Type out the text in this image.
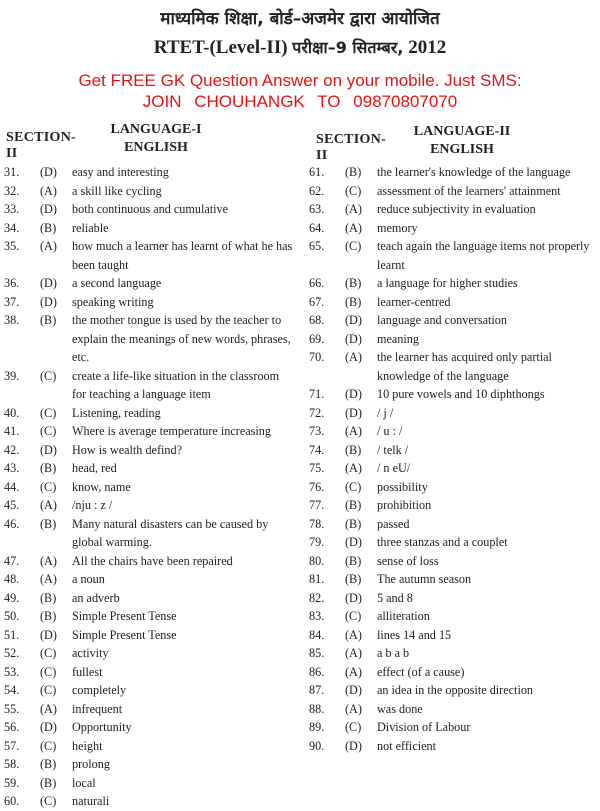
माध्यमिक शिक्षा, बोर्ड–अजमेर द्वारा आयोजित
RTET-(Level-II) परीक्षा–9 सितम्बर, 2012
Get FREE GK Question Answer on your mobile. Just SMS:
JOIN CHOUHANGK TO 09870807070
SECTION-II
LANGUAGE-I
ENGLISH
SECTION-II
LANGUAGE-II
ENGLISH
31.	(D)	easy and interesting
32.	(A)	a skill like cycling
33.	(D)	both continuous and cumulative
34.	(B)	reliable
35.	(A)	how much a learner has learnt of what he has been taught
36.	(D)	a second language
37.	(D)	speaking writing
38.	(B)	the mother tongue is used by the teacher to explain the meanings of new words, phrases, etc.
39.	(C)	create a life-like situation in the classroom for teaching a language item
40.	(C)	Listening, reading
41.	(C)	Where is average temperature increasing
42.	(D)	How is wealth defind?
43.	(B)	head, red
44.	(C)	know, name
45.	(A)	/nju : z /
46.	(B)	Many natural disasters can be caused by global warming.
47.	(A)	All the chairs have been repaired
48.	(A)	a noun
49.	(B)	an adverb
50.	(B)	Simple Present Tense
51.	(D)	Simple Present Tense
52.	(C)	activity
53.	(C)	fullest
54.	(C)	completely
55.	(A)	infrequent
56.	(D)	Opportunity
57.	(C)	height
58.	(B)	prolong
59.	(B)	local
60.	(C)	naturali
61.	(B)	the learner's knowledge of the language
62.	(C)	assessment of the learners' attainment
63.	(A)	reduce subjectivity in evaluation
64.	(A)	memory
65.	(C)	teach again the language items not properly learnt
66.	(B)	a language for higher studies
67.	(B)	learner-centred
68.	(D)	language and conversation
69.	(D)	meaning
70.	(A)	the learner has acquired only partial knowledge of the language
71.	(D)	10 pure vowels and 10 diphthongs
72.	(D)	/ j /
73.	(A)	/ u : /
74.	(B)	/ telk /
75.	(A)	/ n eU/
76.	(C)	possibility
77.	(B)	prohibition
78.	(B)	passed
79.	(D)	three stanzas and a couplet
80.	(B)	sense of loss
81.	(B)	The autumn season
82.	(D)	5 and 8
83.	(C)	alliteration
84.	(A)	lines 14 and 15
85.	(A)	a b a b
86.	(A)	effect (of a cause)
87.	(D)	an idea in the opposite direction
88.	(A)	was done
89.	(C)	Division of Labour
90.	(D)	not efficient
